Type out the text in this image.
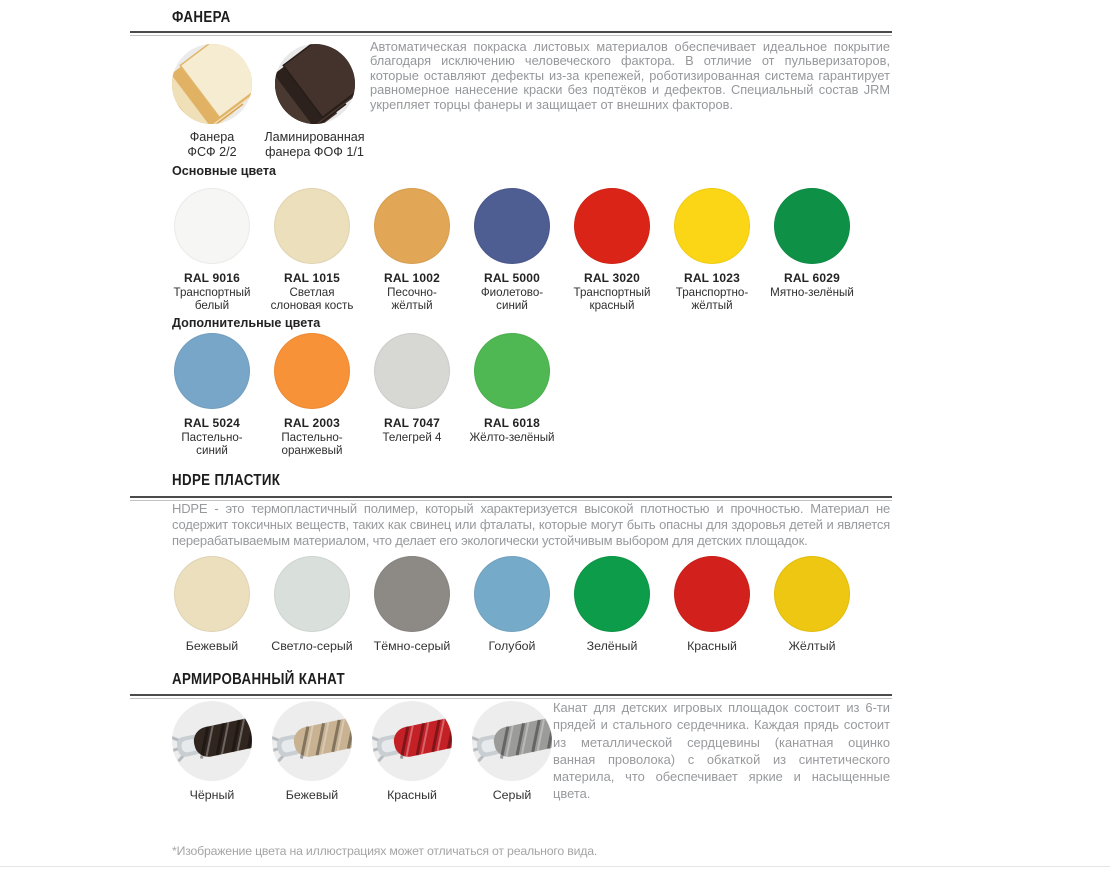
ФАНЕРА
Фанера
ФСФ 2/2
Ламинированная
фанера ФОФ 1/1
Автоматическая покраска листовых материалов обеспечивает идеальное покрытие благодаря исключению человеческого фактора. В отличие от пульверизаторов, которые оставляют дефекты из-за крепежей, роботизированная система гарантирует равномерное нанесение краски без подтёков и дефектов. Специальный состав JRM укрепляет торцы фанеры и защищает от внешних факторов.
Основные цвета
RAL 9016
Транспортный белый
RAL 1015
Светлая слоновая кость
RAL 1002
Песочно-жёлтый
RAL 5000
Фиолетово-синий
RAL 3020
Транспортный красный
RAL 1023
Транспортно-жёлтый
RAL 6029
Мятно-зелёный
Дополнительные цвета
RAL 5024
Пастельно-синий
RAL 2003
Пастельно-оранжевый
RAL 7047
Телегрей 4
RAL 6018
Жёлто-зелёный
HDPE ПЛАСТИК
HDPE - это термопластичный полимер, который характеризуется высокой плотностью и прочностью. Материал не содержит токсичных веществ, таких как свинец или фталаты, которые могут быть опасны для здоровья детей и является перерабатываемым материалом, что делает его экологически устойчивым выбором для детских площадок.
Бежевый	Светло-серый Тёмно-серый	Голубой	Зелёный	Красный	Жёлтый
АРМИРОВАННЫЙ КАНАТ
Канат для детских игровых площадок состоит из 6-ти прядей и стального сердечника. Каждая прядь состоит из металлической сердцевины (канатная оцинко ванная проволока) с обкаткой из синтетического материла, что обеспечивает яркие и насыщенные цвета.
Чёрный	Бежевый	Красный	Серый
*Изображение цвета на иллюстрациях может отличаться от реального вида.
